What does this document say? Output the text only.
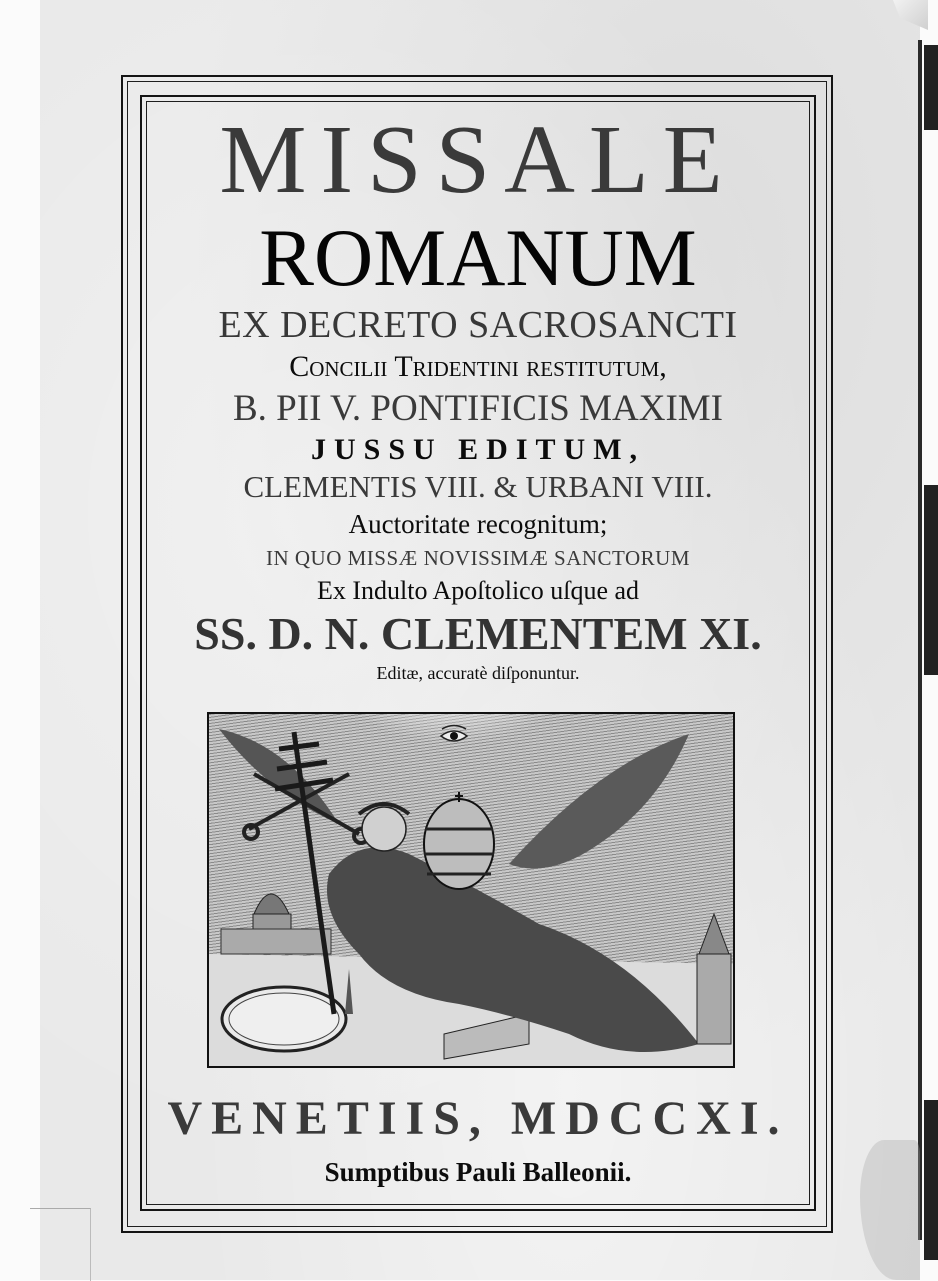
MISSALE
ROMANUM
EX DECRETO SACROSANCTI
Concilii Tridentini reſtitutum,
B. PII V. PONTIFICIS MAXIMI
JUSSU EDITUM,
CLEMENTIS VIII. & URBANI VIII.
Auctoritate recognitum;
IN QUO MISSÆ NOVISSIMÆ SANCTORUM
Ex Indulto Apoſtolico uſque ad
SS. D. N. CLEMENTEM XI.
Editæ, accuratè diſponuntur.
VENETIIS, MDCCXI.
Sumptibus Pauli Balleonii.
